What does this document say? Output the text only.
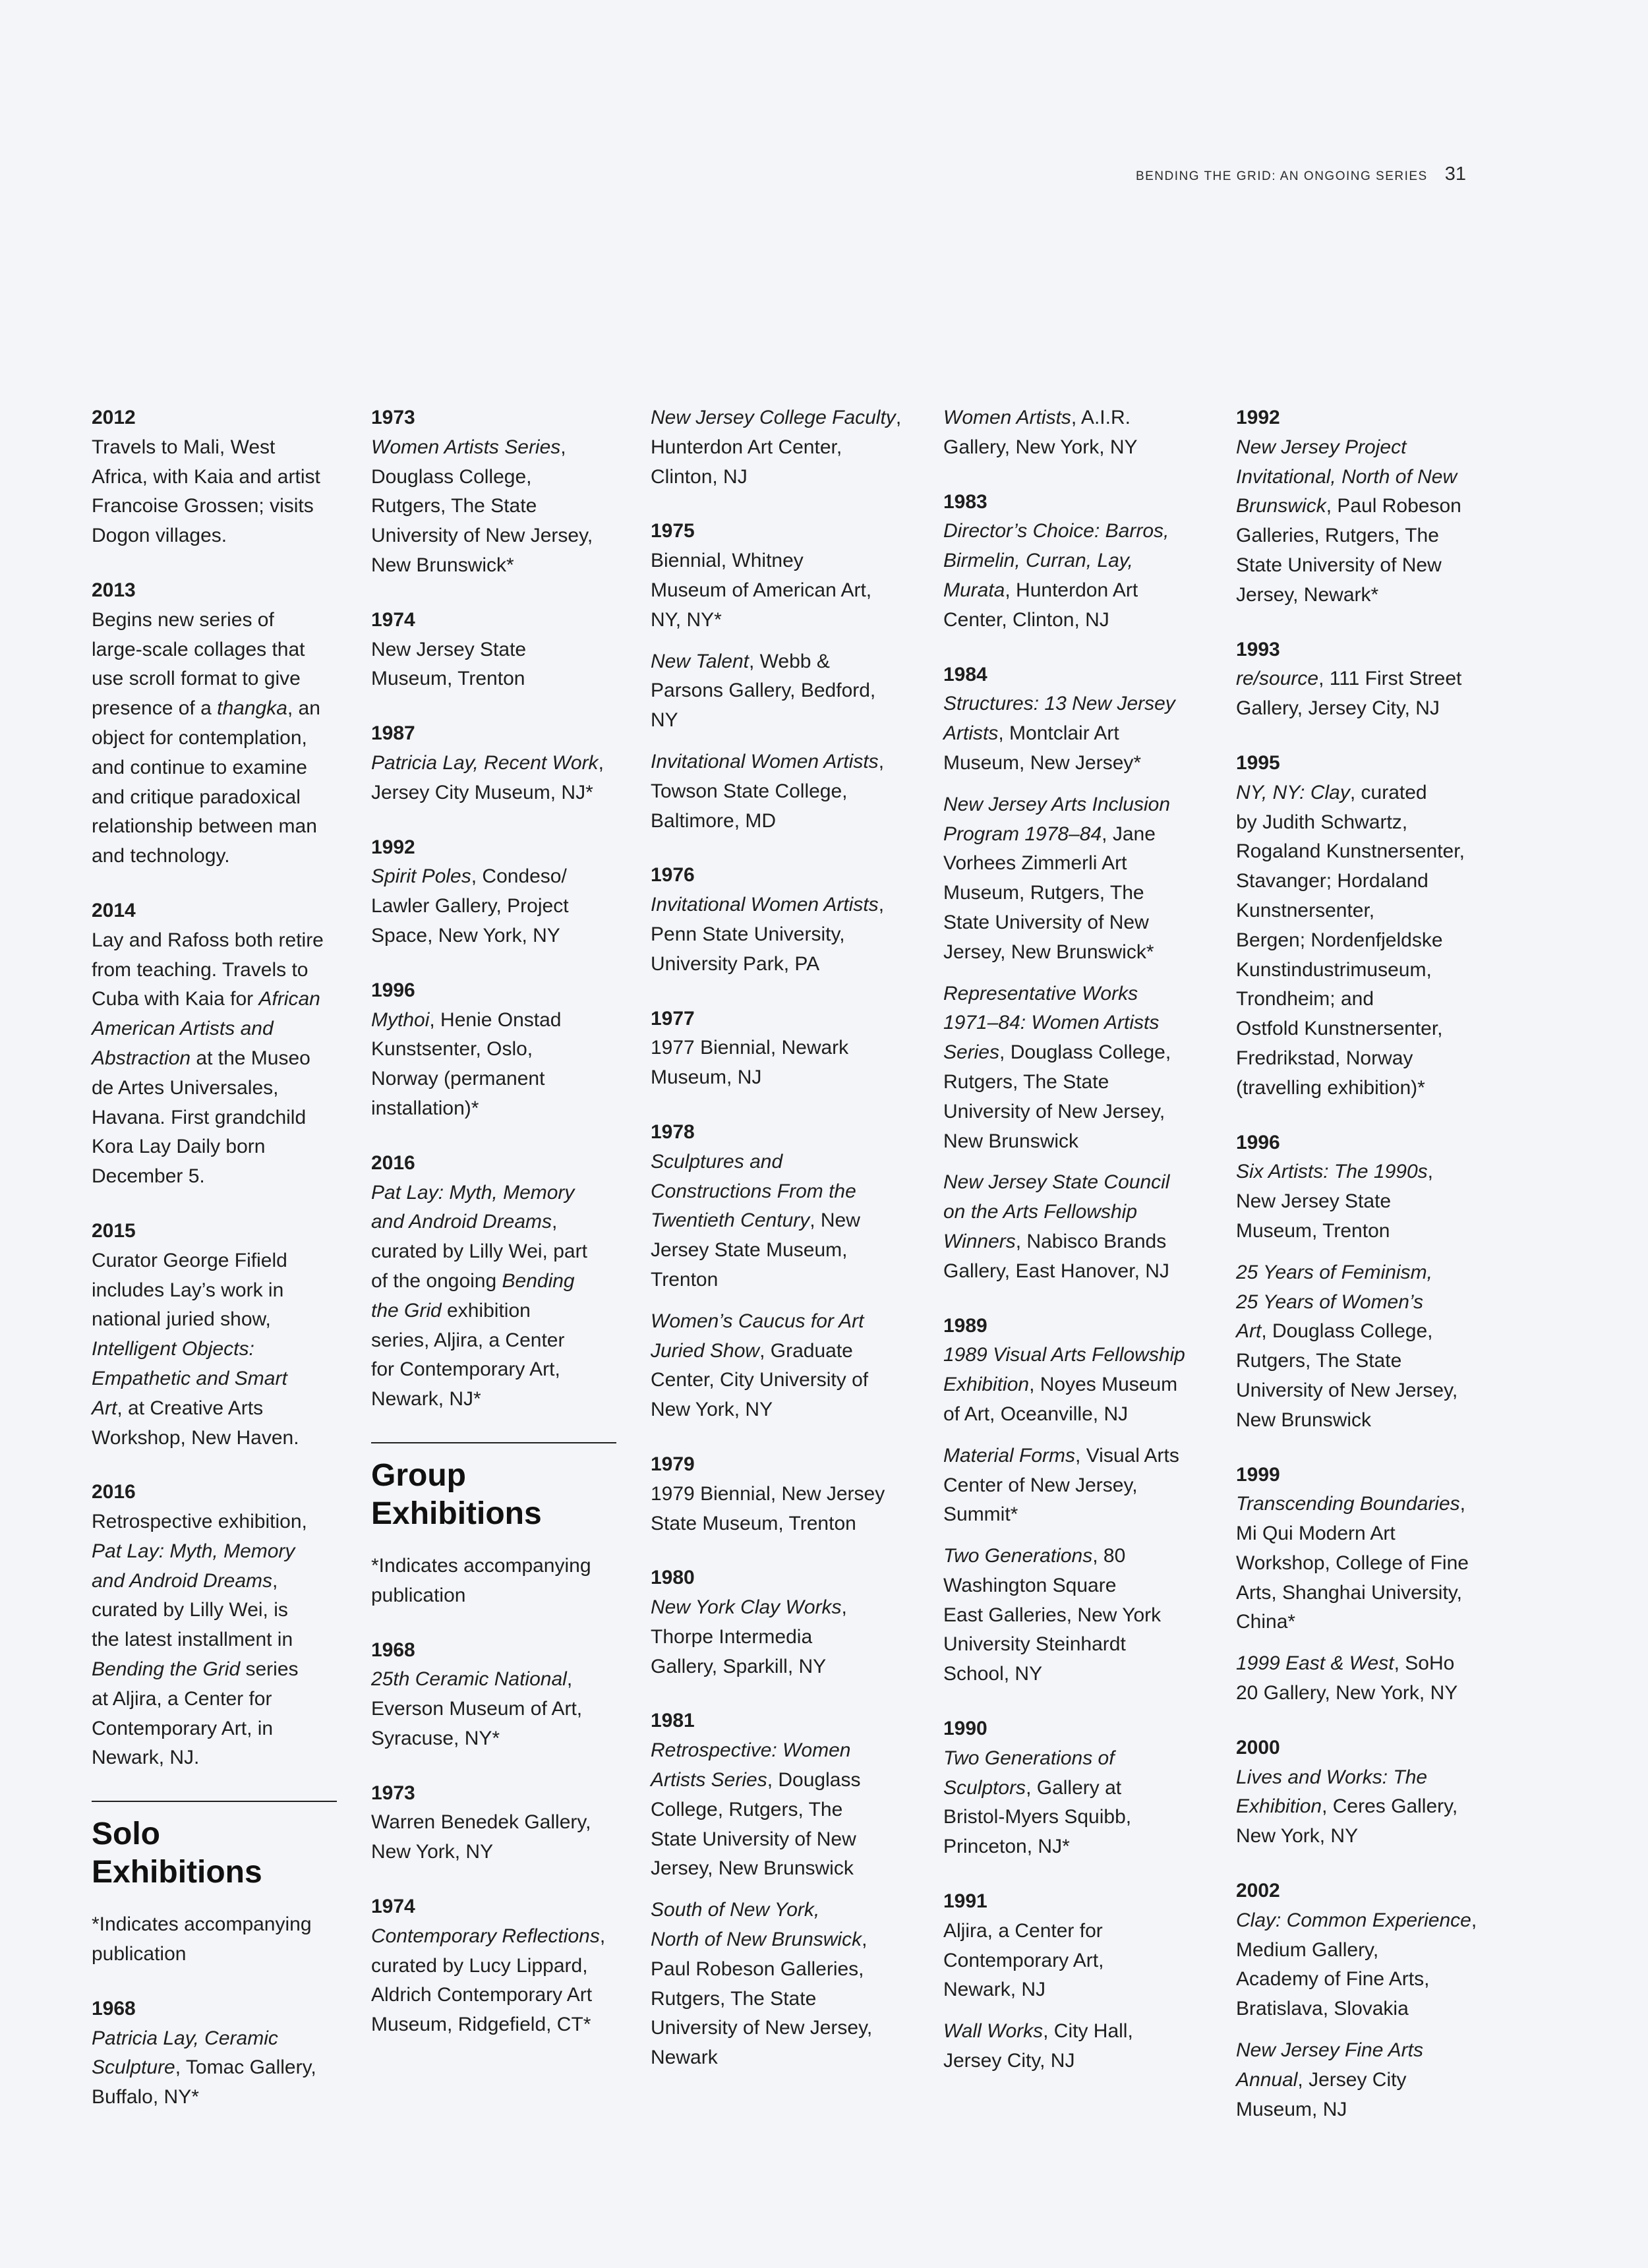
BENDING THE GRID: AN ONGOING SERIES 31
2012
Travels to Mali, West
Africa, with Kaia and artist
Francoise Grossen; visits
Dogon villages.
2013
Begins new series of
large-scale collages that
use scroll format to give
presence of a thangka, an
object for contemplation,
and continue to examine
and critique paradoxical
relationship between man
and technology.
2014
Lay and Rafoss both retire
from teaching. Travels to
Cuba with Kaia for African
American Artists and
Abstraction at the Museo
de Artes Universales,
Havana. First grandchild
Kora Lay Daily born
December 5.
2015
Curator George Fifield
includes Lay’s work in
national juried show,
Intelligent Objects:
Empathetic and Smart
Art, at Creative Arts
Workshop, New Haven.
2016
Retrospective exhibition,
Pat Lay: Myth, Memory
and Android Dreams,
curated by Lilly Wei, is
the latest installment in
Bending the Grid series
at Aljira, a Center for
Contemporary Art, in
Newark, NJ.
Solo Exhibitions
*Indicates accompanying
publication
1968
Patricia Lay, Ceramic
Sculpture, Tomac Gallery,
Buffalo, NY*
1973
Women Artists Series,
Douglass College,
Rutgers, The State
University of New Jersey,
New Brunswick*
1974
New Jersey State
Museum, Trenton
1987
Patricia Lay, Recent Work,
Jersey City Museum, NJ*
1992
Spirit Poles, Condeso/
Lawler Gallery, Project
Space, New York, NY
1996
Mythoi, Henie Onstad
Kunstsenter, Oslo,
Norway (permanent
installation)*
2016
Pat Lay: Myth, Memory
and Android Dreams,
curated by Lilly Wei, part
of the ongoing Bending
the Grid exhibition
series, Aljira, a Center
for Contemporary Art,
Newark, NJ*
Group
Exhibitions
*Indicates accompanying
publication
1968
25th Ceramic National,
Everson Museum of Art,
Syracuse, NY*
1973
Warren Benedek Gallery,
New York, NY
1974
Contemporary Reflections,
curated by Lucy Lippard,
Aldrich Contemporary Art
Museum, Ridgefield, CT*
New Jersey College Faculty,
Hunterdon Art Center,
Clinton, NJ
1975
Biennial, Whitney
Museum of American Art,
NY, NY*
New Talent, Webb &
Parsons Gallery, Bedford,
NY
Invitational Women Artists,
Towson State College,
Baltimore, MD
1976
Invitational Women Artists,
Penn State University,
University Park, PA
1977
1977 Biennial, Newark
Museum, NJ
1978
Sculptures and
Constructions From the
Twentieth Century, New
Jersey State Museum,
Trenton
Women’s Caucus for Art
Juried Show, Graduate
Center, City University of
New York, NY
1979
1979 Biennial, New Jersey
State Museum, Trenton
1980
New York Clay Works,
Thorpe Intermedia
Gallery, Sparkill, NY
1981
Retrospective: Women
Artists Series, Douglass
College, Rutgers, The
State University of New
Jersey, New Brunswick
South of New York,
North of New Brunswick,
Paul Robeson Galleries,
Rutgers, The State
University of New Jersey,
Newark
Women Artists, A.I.R.
Gallery, New York, NY
1983
Director’s Choice: Barros,
Birmelin, Curran, Lay,
Murata, Hunterdon Art
Center, Clinton, NJ
1984
Structures: 13 New Jersey
Artists, Montclair Art
Museum, New Jersey*
New Jersey Arts Inclusion
Program 1978–84, Jane
Vorhees Zimmerli Art
Museum, Rutgers, The
State University of New
Jersey, New Brunswick*
Representative Works
1971–84: Women Artists
Series, Douglass College,
Rutgers, The State
University of New Jersey,
New Brunswick
New Jersey State Council
on the Arts Fellowship
Winners, Nabisco Brands
Gallery, East Hanover, NJ
1989
1989 Visual Arts Fellowship
Exhibition, Noyes Museum
of Art, Oceanville, NJ
Material Forms, Visual Arts
Center of New Jersey,
Summit*
Two Generations, 80
Washington Square
East Galleries, New York
University Steinhardt
School, NY
1990
Two Generations of
Sculptors, Gallery at
Bristol-Myers Squibb,
Princeton, NJ*
1991
Aljira, a Center for
Contemporary Art,
Newark, NJ
Wall Works, City Hall,
Jersey City, NJ
1992
New Jersey Project
Invitational, North of New
Brunswick, Paul Robeson
Galleries, Rutgers, The
State University of New
Jersey, Newark*
1993
re/source, 111 First Street
Gallery, Jersey City, NJ
1995
NY, NY: Clay, curated
by Judith Schwartz,
Rogaland Kunstnersenter,
Stavanger; Hordaland
Kunstnersenter,
Bergen; Nordenfjeldske
Kunstindustrimuseum,
Trondheim; and
Ostfold Kunstnersenter,
Fredrikstad, Norway
(travelling exhibition)*
1996
Six Artists: The 1990s,
New Jersey State
Museum, Trenton
25 Years of Feminism,
25 Years of Women’s
Art, Douglass College,
Rutgers, The State
University of New Jersey,
New Brunswick
1999
Transcending Boundaries,
Mi Qui Modern Art
Workshop, College of Fine
Arts, Shanghai University,
China*
1999 East & West, SoHo
20 Gallery, New York, NY
2000
Lives and Works: The
Exhibition, Ceres Gallery,
New York, NY
2002
Clay: Common Experience,
Medium Gallery,
Academy of Fine Arts,
Bratislava, Slovakia
New Jersey Fine Arts
Annual, Jersey City
Museum, NJ
